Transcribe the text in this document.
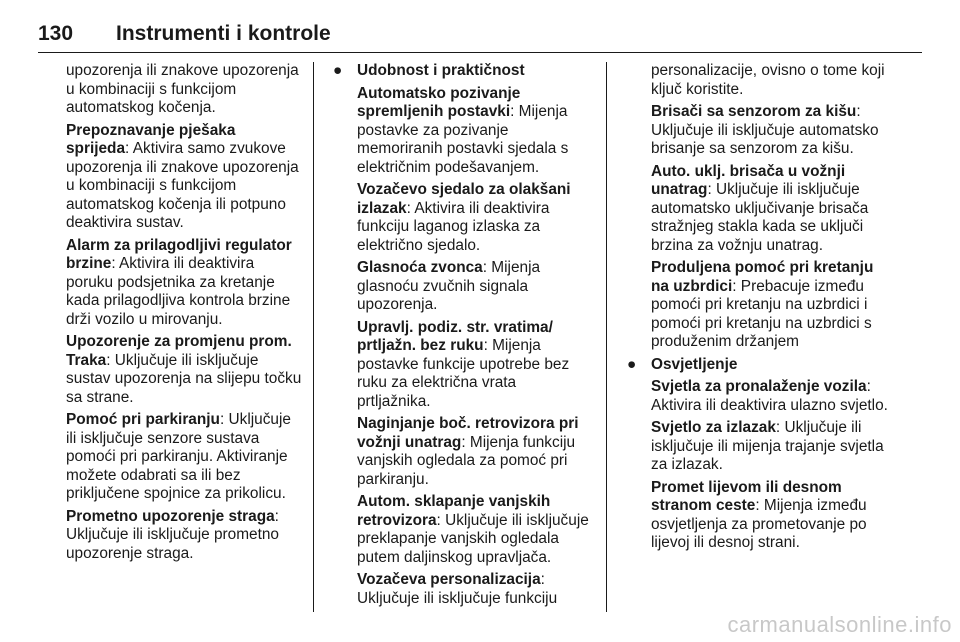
130	Instrumenti i kontrole

upozorenja ili znakove upozorenja u kombinaciji s funkcijom automatskog kočenja.

Prepoznavanje pješaka sprijeda: Aktivira samo zvukove upozorenja ili znakove upozorenja u kombinaciji s funkcijom automatskog kočenja ili potpuno deaktivira sustav.

Alarm za prilagodljivi regulator brzine: Aktivira ili deaktivira poruku podsjetnika za kretanje kada prilagodljiva kontrola brzine drži vozilo u mirovanju.

Upozorenje za promjenu prom. Traka: Uključuje ili isključuje sustav upozorenja na slijepu točku sa strane.

Pomoć pri parkiranju: Uključuje ili isključuje senzore sustava pomoći pri parkiranju. Aktiviranje možete odabrati sa ili bez priključene spojnice za prikolicu.

Prometno upozorenje straga: Uključuje ili isključuje prometno upozorenje straga.

● Udobnost i praktičnost

Automatsko pozivanje spremljenih postavki: Mijenja postavke za pozivanje memoriranih postavki sjedala s električnim podešavanjem.

Vozačevo sjedalo za olakšani izlazak: Aktivira ili deaktivira funkciju laganog izlaska za električno sjedalo.

Glasnoća zvonca: Mijenja glasnoću zvučnih signala upozorenja.

Upravlj. podiz. str. vratima/ prtljažn. bez ruku: Mijenja postavke funkcije upotrebe bez ruku za električna vrata prtljažnika.

Naginjanje boč. retrovizora pri vožnji unatrag: Mijenja funkciju vanjskih ogledala za pomoć pri parkiranju.

Autom. sklapanje vanjskih retrovizora: Uključuje ili isključuje preklapanje vanjskih ogledala putem daljinskog upravljača.

Vozačeva personalizacija: Uključuje ili isključuje funkciju

personalizacije, ovisno o tome koji ključ koristite.

Brisači sa senzorom za kišu: Uključuje ili isključuje automatsko brisanje sa senzorom za kišu.

Auto. uklj. brisača u vožnji unatrag: Uključuje ili isključuje automatsko uključivanje brisača stražnjeg stakla kada se uključi brzina za vožnju unatrag.

Produljena pomoć pri kretanju na uzbrdici: Prebacuje između pomoći pri kretanju na uzbrdici i pomoći pri kretanju na uzbrdici s produženim držanjem

● Osvjetljenje

Svjetla za pronalaženje vozila: Aktivira ili deaktivira ulazno svjetlo.

Svjetlo za izlazak: Uključuje ili isključuje ili mijenja trajanje svjetla za izlazak.

Promet lijevom ili desnom stranom ceste: Mijenja između osvjetljenja za prometovanje po lijevoj ili desnoj strani.

carmanualsonline.info
